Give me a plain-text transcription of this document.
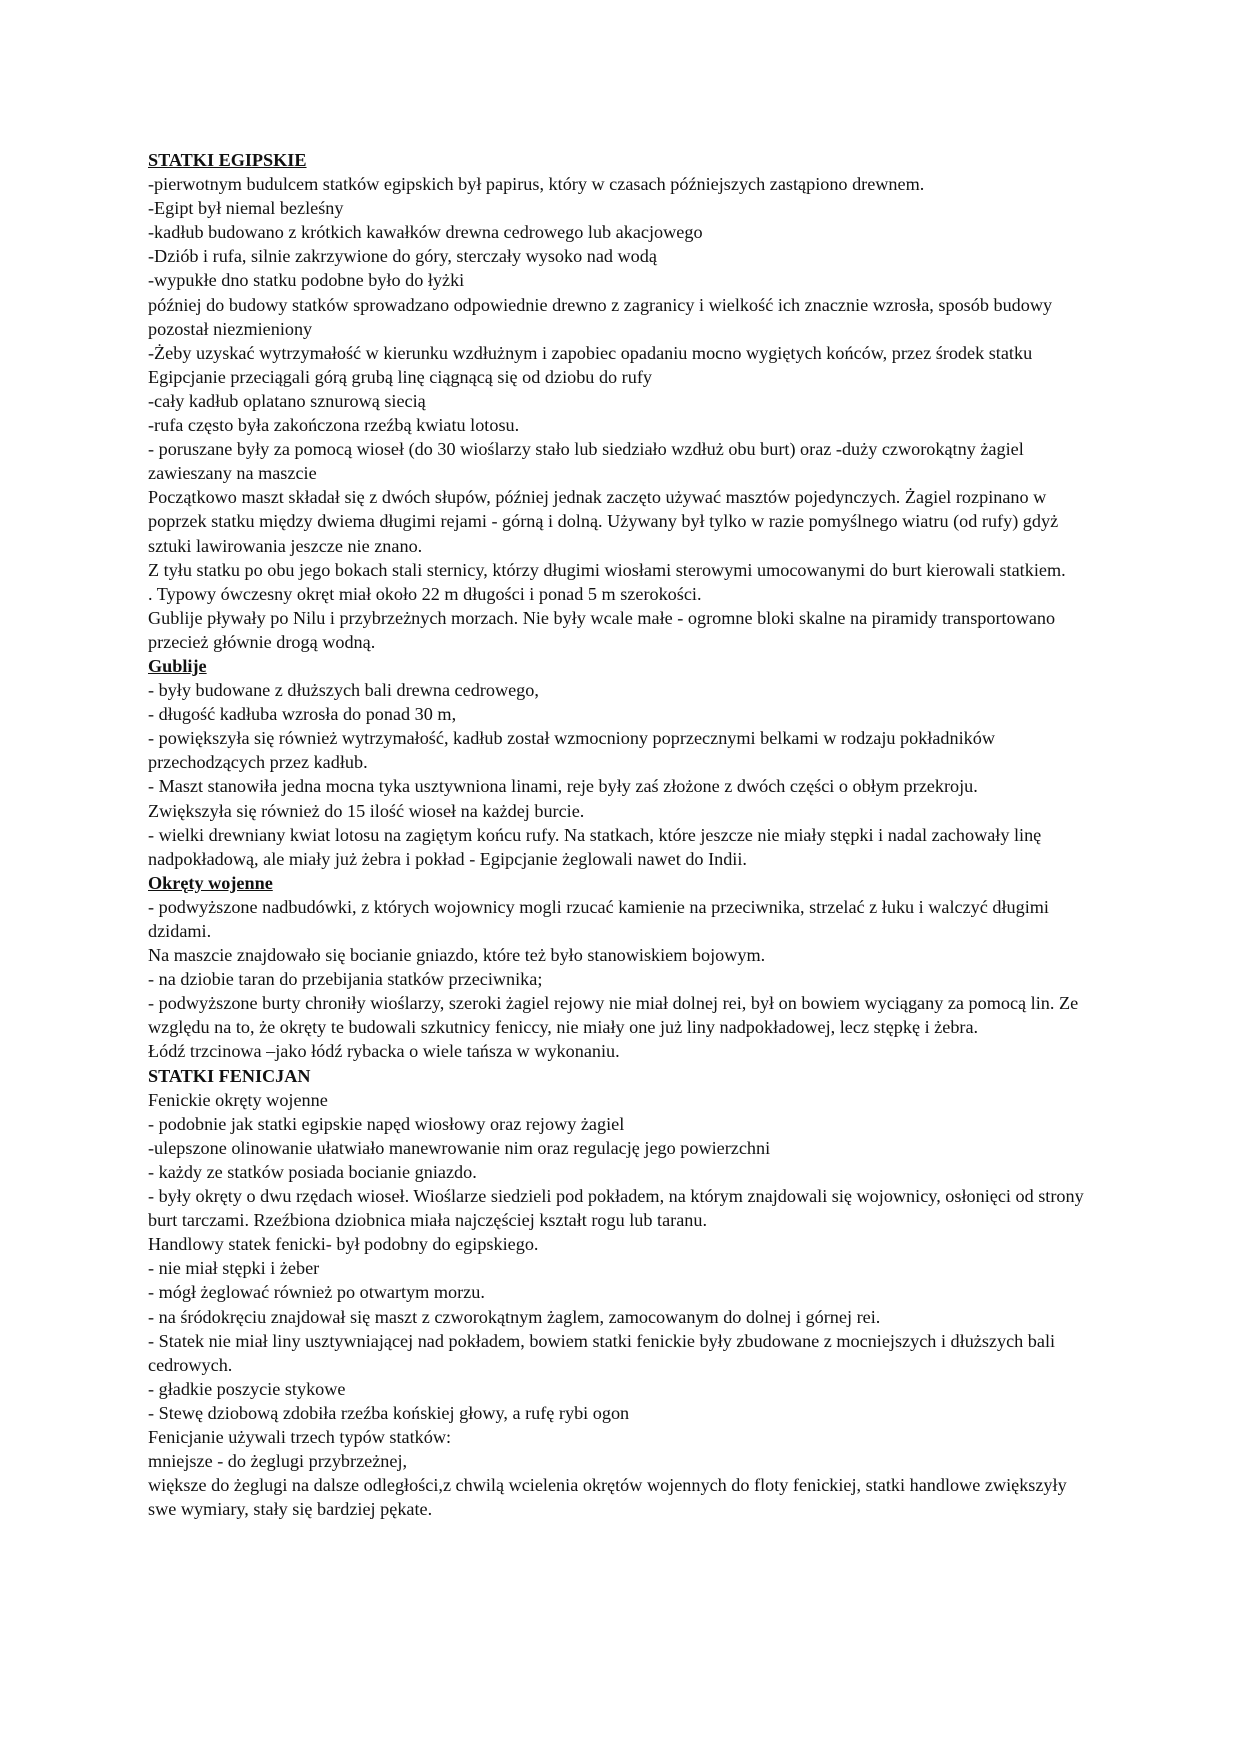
STATKI EGIPSKIE

-pierwotnym budulcem statków egipskich był papirus, który w czasach późniejszych zastąpiono drewnem.

-Egipt był niemal bezleśny

-kadłub budowano z krótkich kawałków drewna cedrowego lub akacjowego

-Dziób i rufa, silnie zakrzywione do góry, sterczały wysoko nad wodą

-wypukłe dno statku podobne było do łyżki

później do budowy statków sprowadzano odpowiednie drewno z zagranicy i wielkość ich znacznie wzrosła, sposób budowy pozostał niezmieniony

-Żeby uzyskać wytrzymałość w kierunku wzdłużnym i zapobiec opadaniu mocno wygiętych końców, przez środek statku Egipcjanie przeciągali górą grubą linę ciągnącą się od dziobu do rufy

-cały kadłub oplatano sznurową siecią

-rufa często była zakończona rzeźbą kwiatu lotosu.

- poruszane były za pomocą wioseł (do 30 wioślarzy stało lub siedziało wzdłuż obu burt) oraz -duży czworokątny żagiel zawieszany na maszcie

Początkowo maszt składał się z dwóch słupów, później jednak zaczęto używać masztów pojedynczych. Żagiel rozpinano w poprzek statku między dwiema długimi rejami - górną i dolną. Używany był tylko w razie pomyślnego wiatru (od rufy) gdyż sztuki lawirowania jeszcze nie znano.

Z tyłu statku po obu jego bokach stali sternicy, którzy długimi wiosłami sterowymi umocowanymi do burt kierowali statkiem.

. Typowy ówczesny okręt miał około 22 m długości i ponad 5 m szerokości.

Gublije pływały po Nilu i przybrzeżnych morzach. Nie były wcale małe - ogromne bloki skalne na piramidy transportowano przecież głównie drogą wodną.

Gublije

- były budowane z dłuższych bali drewna cedrowego,

- długość kadłuba wzrosła do ponad 30 m,

- powiększyła się również wytrzymałość, kadłub został wzmocniony poprzecznymi belkami w rodzaju pokładników przechodzących przez kadłub.

- Maszt stanowiła jedna mocna tyka usztywniona linami, reje były zaś złożone z dwóch części o obłym przekroju.

Zwiększyła się również do 15 ilość wioseł na każdej burcie.

- wielki drewniany kwiat lotosu na zagiętym końcu rufy. Na statkach, które jeszcze nie miały stępki i nadal zachowały linę nadpokładową, ale miały już żebra i pokład - Egipcjanie żeglowali nawet do Indii.

Okręty wojenne

- podwyższone nadbudówki, z których wojownicy mogli rzucać kamienie na przeciwnika, strzelać z łuku i walczyć długimi dzidami.

Na maszcie znajdowało się bocianie gniazdo, które też było stanowiskiem bojowym.

- na dziobie taran do przebijania statków przeciwnika;

- podwyższone burty chroniły wioślarzy, szeroki żagiel rejowy nie miał dolnej rei, był on bowiem wyciągany za pomocą lin. Ze względu na to, że okręty te budowali szkutnicy feniccy, nie miały one już liny nadpokładowej, lecz stępkę i żebra.

Łódź trzcinowa –jako łódź rybacka o wiele tańsza w wykonaniu.

STATKI FENICJAN

Fenickie okręty wojenne

- podobnie jak statki egipskie napęd wiosłowy oraz rejowy żagiel

-ulepszone olinowanie ułatwiało manewrowanie nim oraz regulację jego powierzchni

- każdy ze statków posiada bocianie gniazdo.

- były okręty o dwu rzędach wioseł. Wioślarze siedzieli pod pokładem, na którym znajdowali się wojownicy, osłonięci od strony burt tarczami. Rzeźbiona dziobnica miała najczęściej kształt rogu lub taranu.

Handlowy statek fenicki- był podobny do egipskiego.

- nie miał stępki i żeber

- mógł żeglować również po otwartym morzu.

- na śródokręciu znajdował się maszt z czworokątnym żaglem, zamocowanym do dolnej i górnej rei.

- Statek nie miał liny usztywniającej nad pokładem, bowiem statki fenickie były zbudowane z mocniejszych i dłuższych bali cedrowych.

- gładkie poszycie stykowe

- Stewę dziobową zdobiła rzeźba końskiej głowy, a rufę rybi ogon

Fenicjanie używali trzech typów statków:

mniejsze - do żeglugi przybrzeżnej,

większe do żeglugi na dalsze odległości,z chwilą wcielenia okrętów wojennych do floty fenickiej, statki handlowe zwiększyły swe wymiary, stały się bardziej pękate.
